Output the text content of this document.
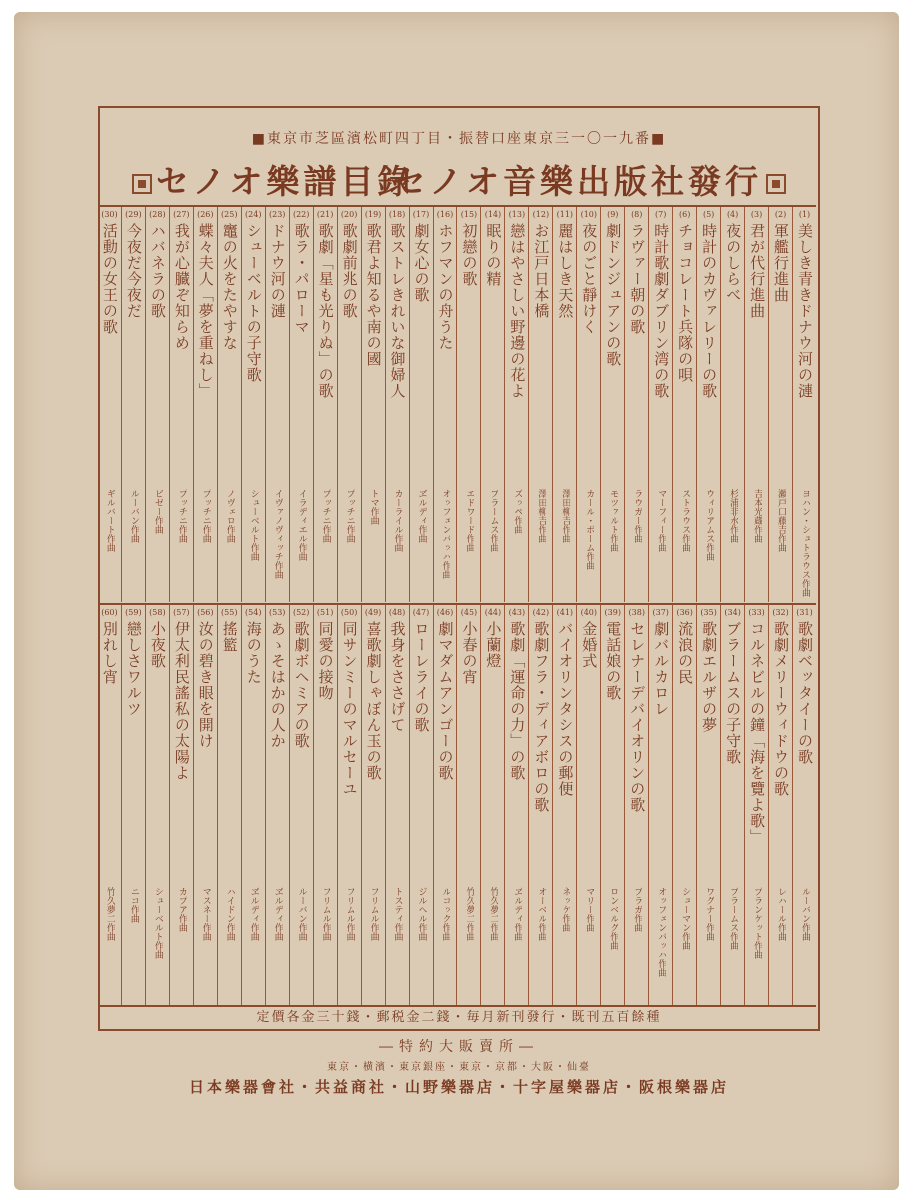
■東京市芝區濱松町四丁目・振替口座東京三一〇一九番■
セノオ音樂出版社發行
セノオ樂譜目錄
(1)
美しき青きドナウ河の漣
ヨハン・シュトラウス作曲
(2)
軍艦行進曲
瀬戸口藤吉作曲
(3)
君が代行進曲
吉本光蔵作曲
(4)
夜のしらべ
杉浦非水作曲
(5)
時計のカヴァレリーの歌
ウィリアムス作曲
(6)
チョコレート兵隊の唄
ストラウス作曲
(7)
時計歌劇ダブリン湾の歌
マーフィー作曲
(8)
ラヴァー朝の歌
ラウガー作曲
(9)
劇ドンジュアンの歌
モツァルト作曲
(10)
夜のごと靜けく
カール・ボーム作曲
(11)
麗はしき天然
澤田柳吉作曲
(12)
お江戸日本橋
澤田柳吉作曲
(13)
戀はやさしい野邊の花よ
ズッペ作曲
(14)
眠りの精
ブラームス作曲
(15)
初戀の歌
エドワード作曲
(16)
ホフマンの舟うた
オッフェンバッハ作曲
(17)
劇女心の歌
ヹルディ作曲
(18)
歌ストレきれいな御婦人
カーライル作曲
(19)
歌君よ知るや南の國
トマ作曲
(20)
歌劇前兆の歌
プッチニ作曲
(21)
歌劇「星も光りぬ」の歌
プッチニ作曲
(22)
歌ラ・パローマ
イラディエル作曲
(23)
ドナウ河の漣
イヴァノヴィッチ作曲
(24)
シューベルトの子守歌
シューベルト作曲
(25)
竈の火をたやすな
ノヴェロ作曲
(26)
蝶々夫人「夢を重ねし」
プッチニ作曲
(27)
我が心臓ぞ知らめ
プッチニ作曲
(28)
ハバネラの歌
ビゼー作曲
(29)
今夜だ今夜だ
ルーバン作曲
(30)
活動の女王の歌
ギルバート作曲
(31)
歌劇ベッタイーの歌
ルーバン作曲
(32)
歌劇メリーウィドウの歌
レハール作曲
(33)
コルネビルの鐘「海を覽よ歌」
プランケット作曲
(34)
ブラームスの子守歌
ブラームス作曲
(35)
歌劇エルザの夢
ワグナー作曲
(36)
流浪の民
シューマン作曲
(37)
劇バルカロレ
オッフェンバッハ作曲
(38)
セレナーデバイオリンの歌
ブラガ作曲
(39)
電話娘の歌
ロンベルグ作曲
(40)
金婚式
マリー作曲
(41)
バイオリンタシスの郵便
ネッケ作曲
(42)
歌劇フラ・ディアボロの歌
オーベル作曲
(43)
歌劇「運命の力」の歌
ヹルディ作曲
(44)
小蘭燈
竹久夢二作曲
(45)
小春の宵
竹久夢二作曲
(46)
劇マダムアンゴーの歌
ルコック作曲
(47)
ローレライの歌
ジルヘル作曲
(48)
我身をささげて
トスティ作曲
(49)
喜歌劇しゃぼん玉の歌
フリムル作曲
(50)
同サンミーのマルセーユ
フリムル作曲
(51)
同愛の接吻
フリムル作曲
(52)
歌劇ボヘミアの歌
ルーバン作曲
(53)
あゝそはかの人か
ヹルディ作曲
(54)
海のうた
ヹルディ作曲
(55)
搖籃
ハイドン作曲
(56)
汝の碧き眼を開け
マスネー作曲
(57)
伊太利民謠私の太陽よ
カプア作曲
(58)
小夜歌
シューベルト作曲
(59)
戀しさワルツ
ニコ作曲
(60)
別れし宵
竹久夢二作曲
定價各金三十錢・郵税金二錢・毎月新刊發行・既刊五百餘種
―特約大販賣所―
東京・横濱・東京銀座・東京・京都・大阪・仙臺
日本樂器會社・共益商社・山野樂器店・十字屋樂器店・阪根樂器店
